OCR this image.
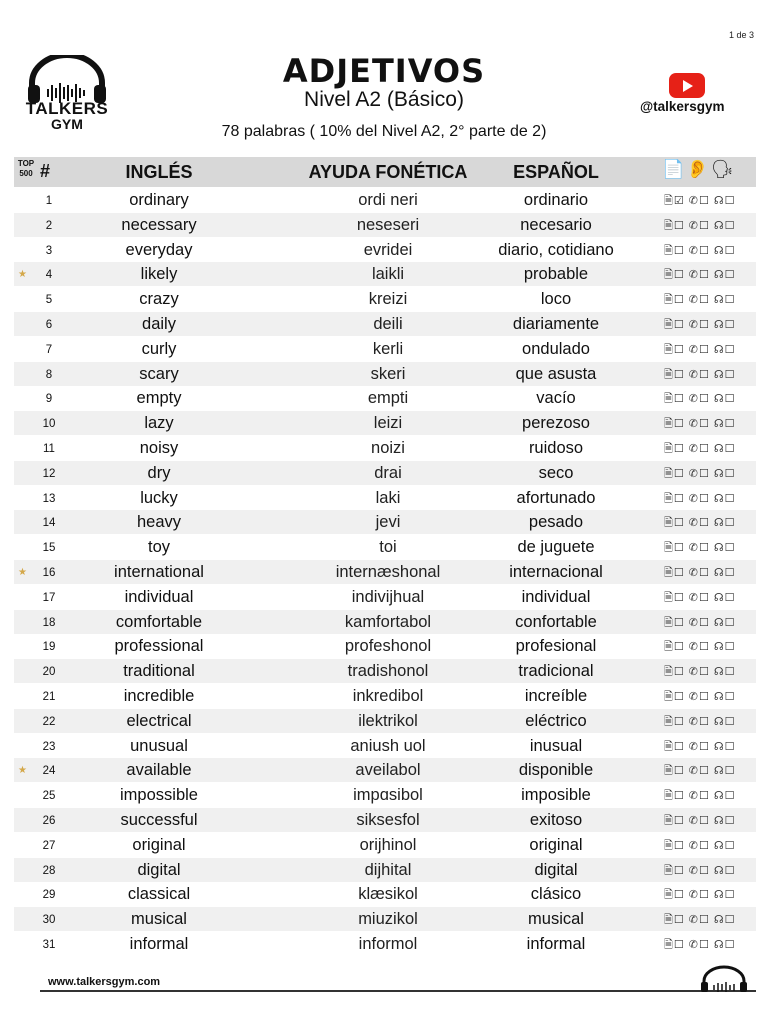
1 de 3
TALKERS
GYM
ADJETIVOS
Nivel A2 (Básico)
78 palabras ( 10% del Nivel A2, 2° parte de 2)
@talkersgym
TOP 500 #	INGLÉS	AYUDA FONÉTICA	ESPAÑOL	📄👂🗣
1	ordinary	ordi neri	ordinario	🗎☑ ✆☐ ☊☐
2	necessary	neseseri	necesario	🗎☐ ✆☐ ☊☐
3	everyday	evridei	diario, cotidiano	🗎☐ ✆☐ ☊☐
★	4	likely	laikli	probable	🗎☐ ✆☐ ☊☐
5	crazy	kreizi	loco	🗎☐ ✆☐ ☊☐
6	daily	deili	diariamente	🗎☐ ✆☐ ☊☐
7	curly	kerli	ondulado	🗎☐ ✆☐ ☊☐
8	scary	skeri	que asusta	🗎☐ ✆☐ ☊☐
9	empty	empti	vacío	🗎☐ ✆☐ ☊☐
10	lazy	leizi	perezoso	🗎☐ ✆☐ ☊☐
11	noisy	noizi	ruidoso	🗎☐ ✆☐ ☊☐
12	dry	drai	seco	🗎☐ ✆☐ ☊☐
13	lucky	laki	afortunado	🗎☐ ✆☐ ☊☐
14	heavy	jevi	pesado	🗎☐ ✆☐ ☊☐
15	toy	toi	de juguete	🗎☐ ✆☐ ☊☐
★	16	international	internæshonal	internacional	🗎☐ ✆☐ ☊☐
17	individual	indivijhual	individual	🗎☐ ✆☐ ☊☐
18	comfortable	kamfortabol	confortable	🗎☐ ✆☐ ☊☐
19	professional	profeshonol	profesional	🗎☐ ✆☐ ☊☐
20	traditional	tradishonol	tradicional	🗎☐ ✆☐ ☊☐
21	incredible	inkredibol	increíble	🗎☐ ✆☐ ☊☐
22	electrical	ilektrikol	eléctrico	🗎☐ ✆☐ ☊☐
23	unusual	aniush uol	inusual	🗎☐ ✆☐ ☊☐
★	24	available	aveilabol	disponible	🗎☐ ✆☐ ☊☐
25	impossible	impɑsibol	imposible	🗎☐ ✆☐ ☊☐
26	successful	siksesfol	exitoso	🗎☐ ✆☐ ☊☐
27	original	orijhinol	original	🗎☐ ✆☐ ☊☐
28	digital	dijhital	digital	🗎☐ ✆☐ ☊☐
29	classical	klæsikol	clásico	🗎☐ ✆☐ ☊☐
30	musical	miuzikol	musical	🗎☐ ✆☐ ☊☐
31	informal	informol	informal	🗎☐ ✆☐ ☊☐
www.talkersgym.com
